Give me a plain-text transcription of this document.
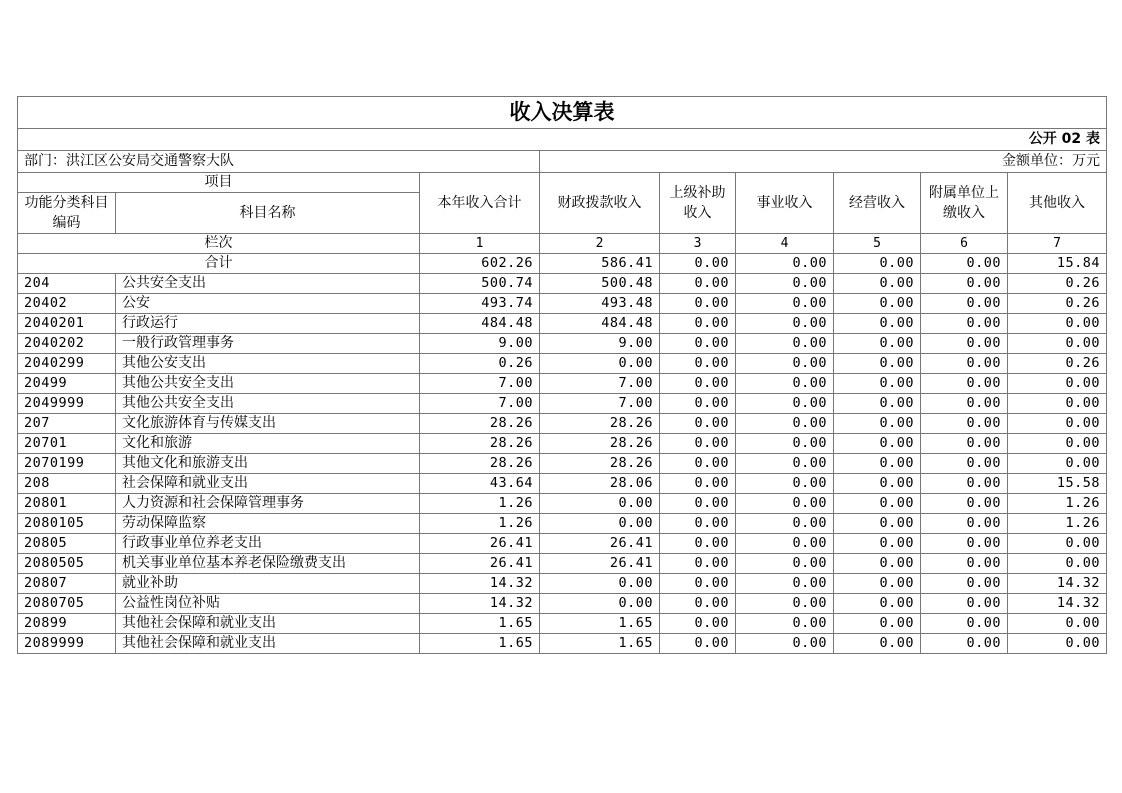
收入决算表								
公开 02 表								
部门：洪江区公安局交通警察大队			金额单位：万元					
项目		本年收入合计	财政拨款收入	上级补助收入	事业收入	经营收入	附属单位上缴收入	其他收入
功能分类科目编码	科目名称							
栏次		1	2	3	4	5	6	7
合计		602.26	586.41	0.00	0.00	0.00	0.00	15.84
204	公共安全支出	500.74	500.48	0.00	0.00	0.00	0.00	0.26
20402	公安	493.74	493.48	0.00	0.00	0.00	0.00	0.26
2040201	行政运行	484.48	484.48	0.00	0.00	0.00	0.00	0.00
2040202	一般行政管理事务	9.00	9.00	0.00	0.00	0.00	0.00	0.00
2040299	其他公安支出	0.26	0.00	0.00	0.00	0.00	0.00	0.26
20499	其他公共安全支出	7.00	7.00	0.00	0.00	0.00	0.00	0.00
2049999	其他公共安全支出	7.00	7.00	0.00	0.00	0.00	0.00	0.00
207	文化旅游体育与传媒支出	28.26	28.26	0.00	0.00	0.00	0.00	0.00
20701	文化和旅游	28.26	28.26	0.00	0.00	0.00	0.00	0.00
2070199	其他文化和旅游支出	28.26	28.26	0.00	0.00	0.00	0.00	0.00
208	社会保障和就业支出	43.64	28.06	0.00	0.00	0.00	0.00	15.58
20801	人力资源和社会保障管理事务	1.26	0.00	0.00	0.00	0.00	0.00	1.26
2080105	劳动保障监察	1.26	0.00	0.00	0.00	0.00	0.00	1.26
20805	行政事业单位养老支出	26.41	26.41	0.00	0.00	0.00	0.00	0.00
2080505	机关事业单位基本养老保险缴费支出	26.41	26.41	0.00	0.00	0.00	0.00	0.00
20807	就业补助	14.32	0.00	0.00	0.00	0.00	0.00	14.32
2080705	公益性岗位补贴	14.32	0.00	0.00	0.00	0.00	0.00	14.32
20899	其他社会保障和就业支出	1.65	1.65	0.00	0.00	0.00	0.00	0.00
2089999	其他社会保障和就业支出	1.65	1.65	0.00	0.00	0.00	0.00	0.00
